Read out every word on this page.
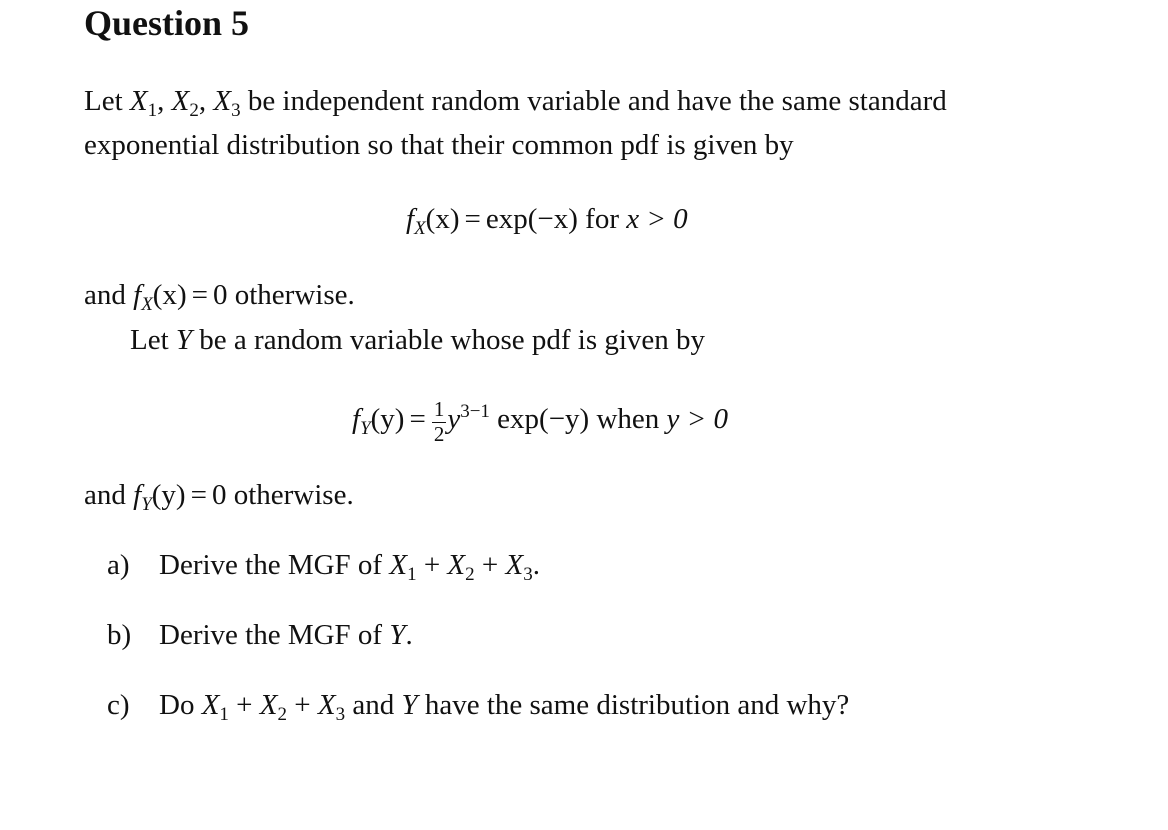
Question 5
Let $X_1$, $X_2$, $X_3$ be independent random variable and have the same standard
exponential distribution so that their common pdf is given by
$f_X(x) = \exp(-x)$ for x > 0
and $f_X(x) = 0$ otherwise.
Let Y be a random variable whose pdf is given by
$f_Y(y) = \frac{1}{2} y^{3-1}$ exp(−y) when y > 0
and $f_Y(y) = 0$ otherwise.
a) Derive the MGF of $X_1 + X_2 + X_3$.
b) Derive the MGF of Y.
c) Do $X_1 + X_2 + X_3$ and Y have the same distribution and why?
